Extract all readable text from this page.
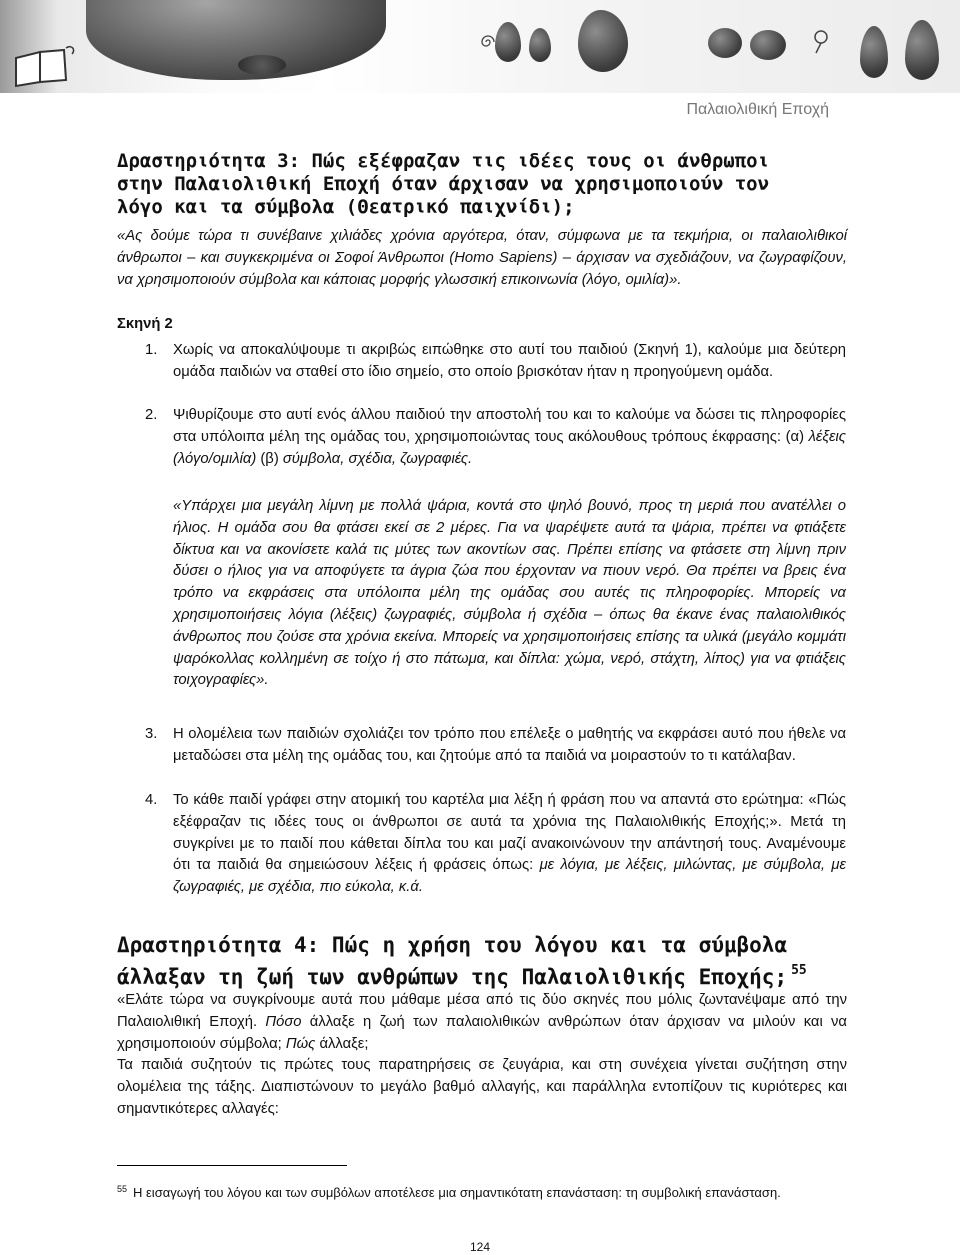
Παλαιολιθική Εποχή
Δραστηριότητα 3: Πώς εξέφραζαν τις ιδέες τους οι άνθρωποι
στην Παλαιολιθική Εποχή όταν άρχισαν να χρησιμοποιούν τον
λόγο και τα σύμβολα (Θεατρικό παιχνίδι);
«Ας δούμε τώρα τι συνέβαινε χιλιάδες χρόνια αργότερα, όταν, σύμφωνα με τα τεκμήρια, οι παλαιολιθικοί άνθρωποι – και συγκεκριμένα οι Σοφοί Άνθρωποι (Homo Sapiens) – άρχισαν να σχεδιάζουν, να ζωγραφίζουν, να χρησιμοποιούν σύμβολα και κάποιας μορφής γλωσσική επικοινωνία (λόγο, ομιλία)».
Σκηνή 2
1. Χωρίς να αποκαλύψουμε τι ακριβώς ειπώθηκε στο αυτί του παιδιού (Σκηνή 1), καλούμε μια δεύτερη ομάδα παιδιών να σταθεί στο ίδιο σημείο, στο οποίο βρισκόταν ήταν η προηγούμενη ομάδα.
2. Ψιθυρίζουμε στο αυτί ενός άλλου παιδιού την αποστολή του και το καλούμε να δώσει τις πληροφορίες στα υπόλοιπα μέλη της ομάδας του, χρησιμοποιώντας τους ακόλουθους τρόπους έκφρασης: (α) λέξεις (λόγο/ομιλία) (β) σύμβολα, σχέδια, ζωγραφιές.
«Υπάρχει μια μεγάλη λίμνη με πολλά ψάρια, κοντά στο ψηλό βουνό, προς τη μεριά που ανατέλλει ο ήλιος. Η ομάδα σου θα φτάσει εκεί σε 2 μέρες. Για να ψαρέψετε αυτά τα ψάρια, πρέπει να φτιάξετε δίκτυα και να ακονίσετε καλά τις μύτες των ακοντίων σας. Πρέπει επίσης να φτάσετε στη λίμνη πριν δύσει ο ήλιος για να αποφύγετε τα άγρια ζώα που έρχονταν να πιουν νερό. Θα πρέπει να βρεις ένα τρόπο να εκφράσεις στα υπόλοιπα μέλη της ομάδας σου αυτές τις πληροφορίες. Μπορείς να χρησιμοποιήσεις λόγια (λέξεις) ζωγραφιές, σύμβολα ή σχέδια – όπως θα έκανε ένας παλαιολιθικός άνθρωπος που ζούσε στα χρόνια εκείνα. Μπορείς να χρησιμοποιήσεις επίσης τα υλικά (μεγάλο κομμάτι ψαρόκολλας κολλημένη σε τοίχο ή στο πάτωμα, και δίπλα: χώμα, νερό, στάχτη, λίπος) για να φτιάξεις τοιχογραφίες».
3. Η ολομέλεια των παιδιών σχολιάζει τον τρόπο που επέλεξε ο μαθητής να εκφράσει αυτό που ήθελε να μεταδώσει στα μέλη της ομάδας του, και ζητούμε από τα παιδιά να μοιραστούν το τι κατάλαβαν.
4. Το κάθε παιδί γράφει στην ατομική του καρτέλα μια λέξη ή φράση που να απαντά στο ερώτημα: «Πώς εξέφραζαν τις ιδέες τους οι άνθρωποι σε αυτά τα χρόνια της Παλαιολιθικής Εποχής;». Μετά τη συγκρίνει με το παιδί που κάθεται δίπλα του και μαζί ανακοινώνουν την απάντησή τους. Αναμένουμε ότι τα παιδιά θα σημειώσουν λέξεις ή φράσεις όπως: με λόγια, με λέξεις, μιλώντας, με σύμβολα, με ζωγραφιές, με σχέδια, πιο εύκολα, κ.ά.
Δραστηριότητα 4: Πώς η χρήση του λόγου και τα σύμβολα
άλλαξαν τη ζωή των ανθρώπων της Παλαιολιθικής Εποχής; $^{55}$
«Ελάτε τώρα να συγκρίνουμε αυτά που μάθαμε μέσα από τις δύο σκηνές που μόλις ζωντανέψαμε από την Παλαιολιθική Εποχή. Πόσο άλλαξε η ζωή των παλαιολιθικών ανθρώπων όταν άρχισαν να μιλούν και να χρησιμοποιούν σύμβολα; Πώς άλλαξε;
Τα παιδιά συζητούν τις πρώτες τους παρατηρήσεις σε ζευγάρια, και στη συνέχεια γίνεται συζήτηση στην ολομέλεια της τάξης. Διαπιστώνουν το μεγάλο βαθμό αλλαγής, και παράλληλα εντοπίζουν τις κυριότερες και σημαντικότερες αλλαγές:
$^{55}$ Η εισαγωγή του λόγου και των συμβόλων αποτέλεσε μια σημαντικότατη επανάσταση: τη συμβολική επανάσταση.
124
